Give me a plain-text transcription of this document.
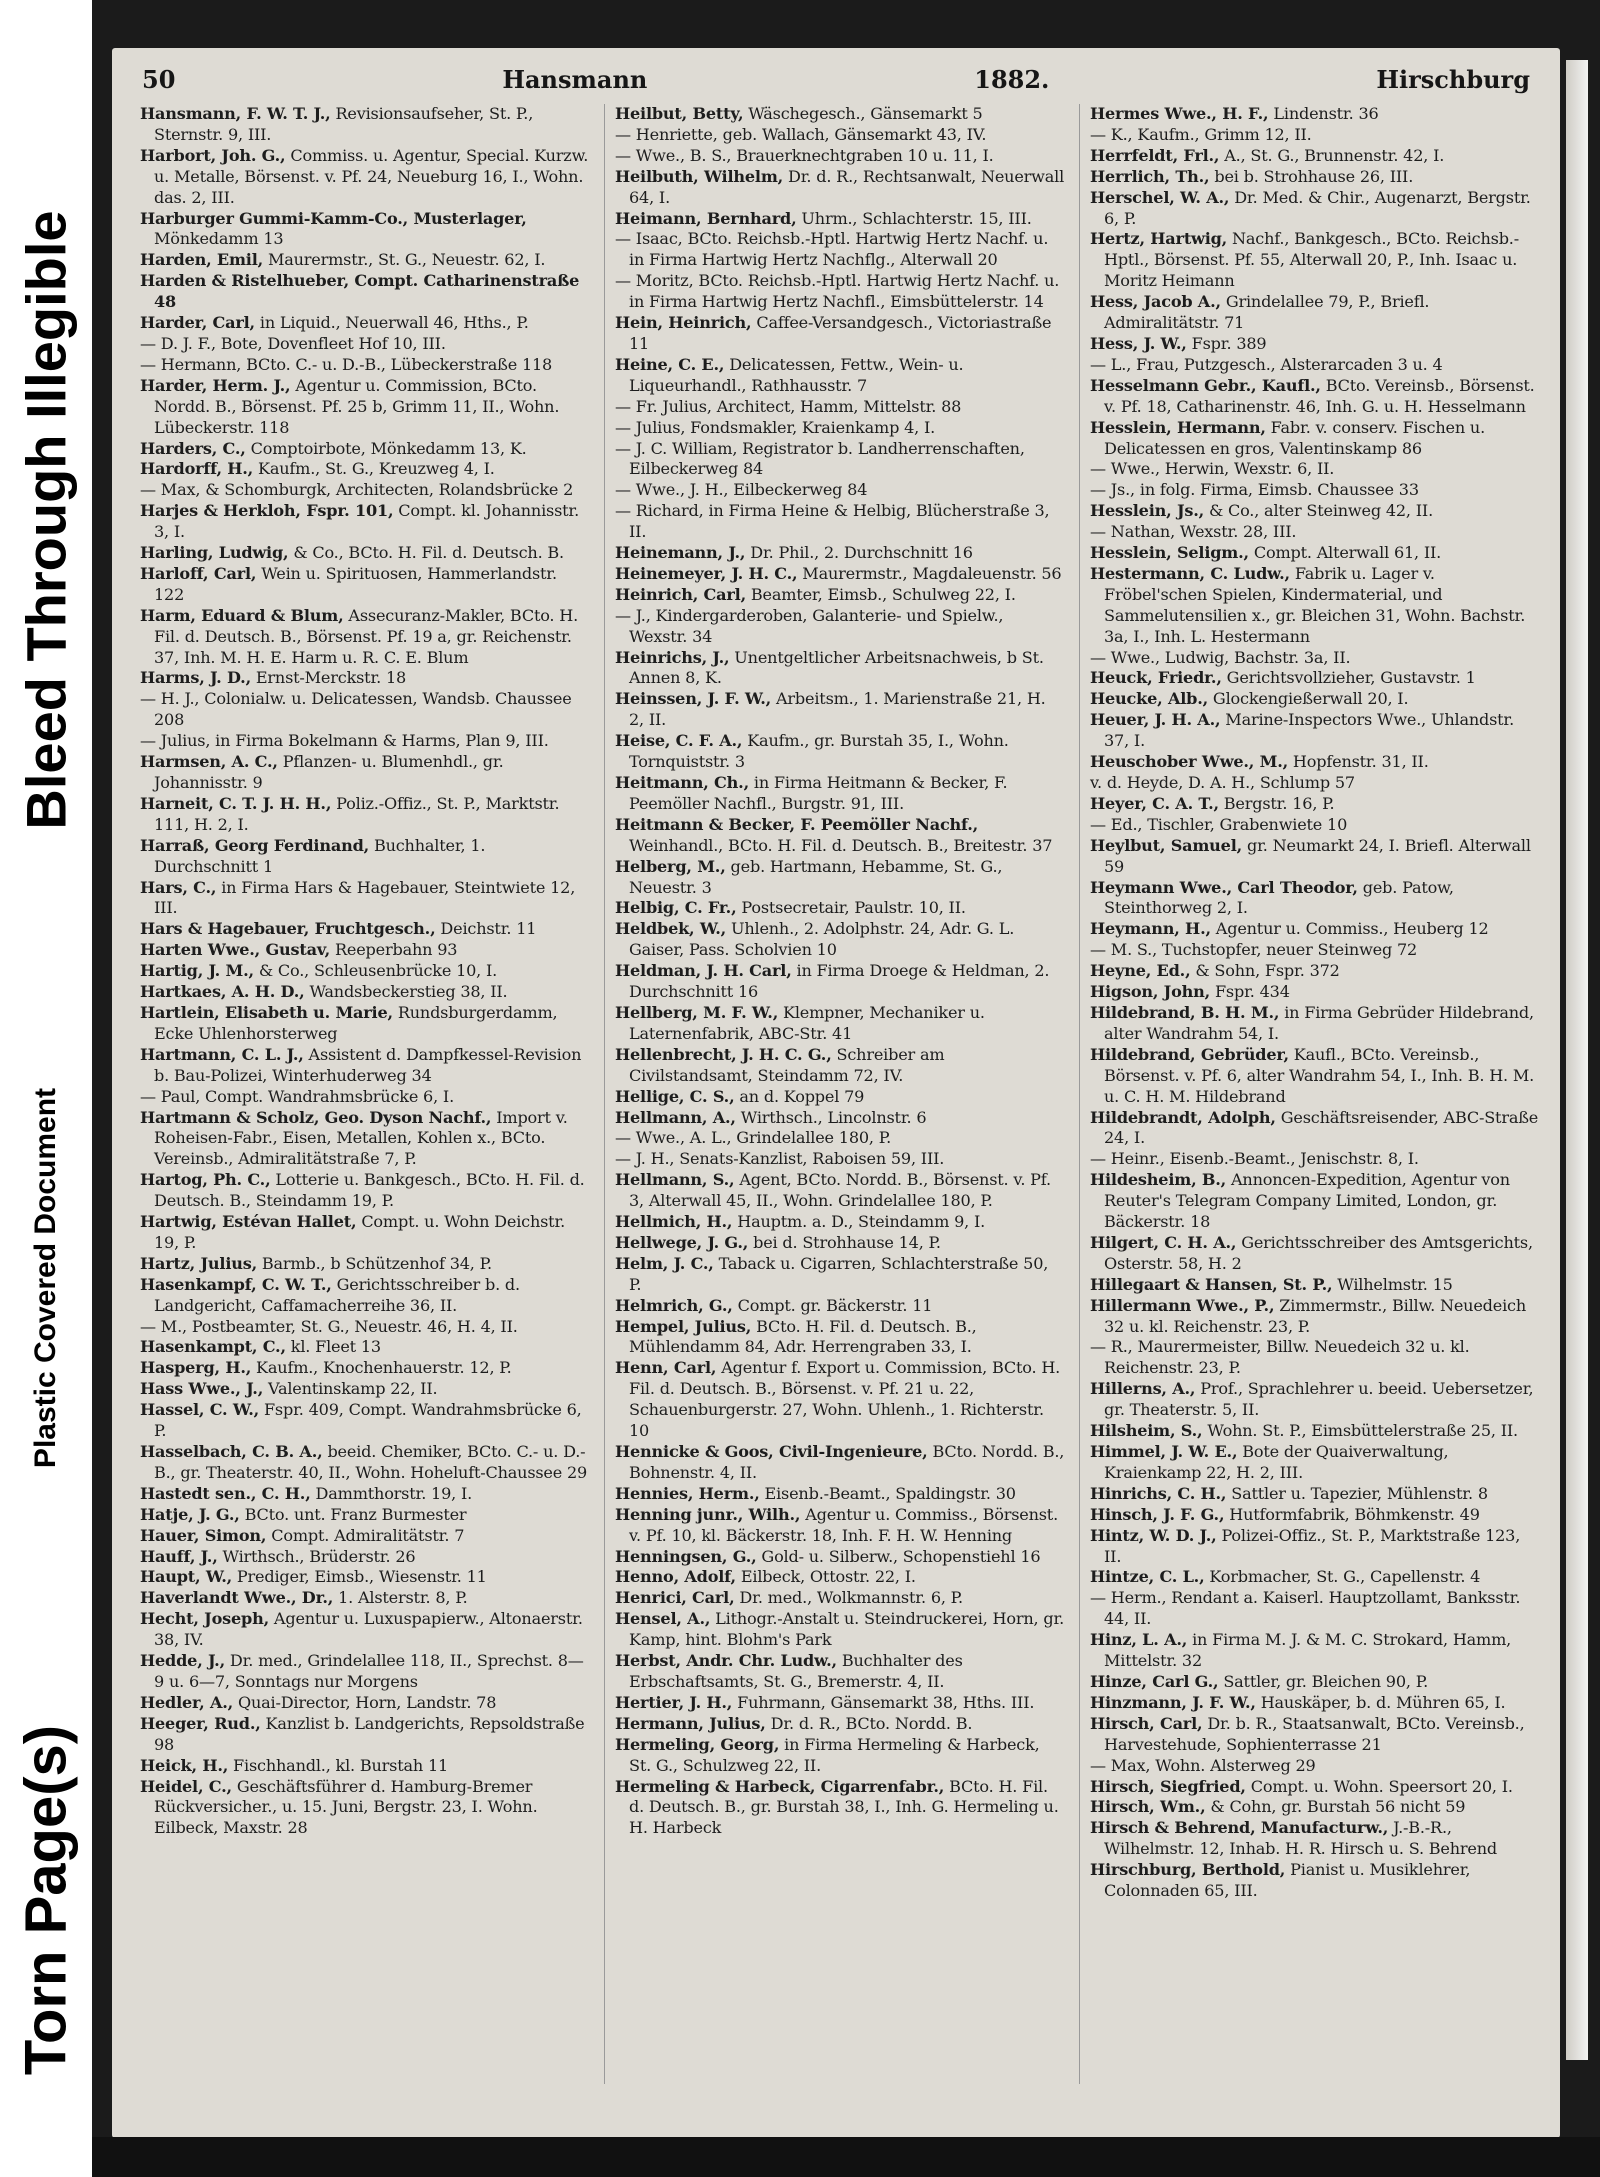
Bleed Through Illegible
Plastic Covered Document
Torn Page(s)
50	Hansmann	1882.	Hirschburg
Hansmann, F. W. T. J., Revisionsaufseher, St. P., Sternstr. 9, III.
Harbort, Joh. G., Commiss. u. Agentur, Special. Kurzw. u. Metalle, Börsenst. v. Pf. 24, Neueburg 16, I., Wohn. das. 2, III.
Harburger Gummi-Kamm-Co., Musterlager, Mönkedamm 13
Harden, Emil, Maurermstr., St. G., Neuestr. 62, I.
Harden & Ristelhueber, Compt. Catharinenstraße 48
Harder, Carl, in Liquid., Neuerwall 46, Hths., P.
— D. J. F., Bote, Dovenfleet Hof 10, III.
— Hermann, BCto. C.- u. D.-B., Lübeckerstraße 118
Harder, Herm. J., Agentur u. Commission, BCto. Nordd. B., Börsenst. Pf. 25 b, Grimm 11, II., Wohn. Lübeckerstr. 118
Harders, C., Comptoirbote, Mönkedamm 13, K.
Hardorff, H., Kaufm., St. G., Kreuzweg 4, I.
— Max, & Schomburgk, Architecten, Rolandsbrücke 2
Harjes & Herkloh, Fspr. 101, Compt. kl. Johannisstr. 3, I.
Harling, Ludwig, & Co., BCto. H. Fil. d. Deutsch. B.
Harloff, Carl, Wein u. Spirituosen, Hammerlandstr. 122
Harm, Eduard & Blum, Assecuranz-Makler, BCto. H. Fil. d. Deutsch. B., Börsenst. Pf. 19 a, gr. Reichenstr. 37, Inh. M. H. E. Harm u. R. C. E. Blum
Harms, J. D., Ernst-Merckstr. 18
— H. J., Colonialw. u. Delicatessen, Wandsb. Chaussee 208
— Julius, in Firma Bokelmann & Harms, Plan 9, III.
Harmsen, A. C., Pflanzen- u. Blumenhdl., gr. Johannisstr. 9
Harneit, C. T. J. H. H., Poliz.-Offiz., St. P., Marktstr. 111, H. 2, I.
Harraß, Georg Ferdinand, Buchhalter, 1. Durchschnitt 1
Hars, C., in Firma Hars & Hagebauer, Steintwiete 12, III.
Hars & Hagebauer, Fruchtgesch., Deichstr. 11
Harten Wwe., Gustav, Reeperbahn 93
Hartig, J. M., & Co., Schleusenbrücke 10, I.
Hartkaes, A. H. D., Wandsbeckerstieg 38, II.
Hartlein, Elisabeth u. Marie, Rundsburgerdamm, Ecke Uhlenhorsterweg
Hartmann, C. L. J., Assistent d. Dampfkessel-Revision b. Bau-Polizei, Winterhuderweg 34
— Paul, Compt. Wandrahmsbrücke 6, I.
Hartmann & Scholz, Geo. Dyson Nachf., Import v. Roheisen-Fabr., Eisen, Metallen, Kohlen x., BCto. Vereinsb., Admiralitätstraße 7, P.
Hartog, Ph. C., Lotterie u. Bankgesch., BCto. H. Fil. d. Deutsch. B., Steindamm 19, P.
Hartwig, Estévan Hallet, Compt. u. Wohn Deichstr. 19, P.
Hartz, Julius, Barmb., b Schützenhof 34, P.
Hasenkampf, C. W. T., Gerichtsschreiber b. d. Landgericht, Caffamacherreihe 36, II.
— M., Postbeamter, St. G., Neuestr. 46, H. 4, II.
Hasenkampt, C., kl. Fleet 13
Hasperg, H., Kaufm., Knochenhauerstr. 12, P.
Hass Wwe., J., Valentinskamp 22, II.
Hassel, C. W., Fspr. 409, Compt. Wandrahmsbrücke 6, P.
Hasselbach, C. B. A., beeid. Chemiker, BCto. C.- u. D.-B., gr. Theaterstr. 40, II., Wohn. Hoheluft-Chaussee 29
Hastedt sen., C. H., Dammthorstr. 19, I.
Hatje, J. G., BCto. unt. Franz Burmester
Hauer, Simon, Compt. Admiralitätstr. 7
Hauff, J., Wirthsch., Brüderstr. 26
Haupt, W., Prediger, Eimsb., Wiesenstr. 11
Haverlandt Wwe., Dr., 1. Alsterstr. 8, P.
Hecht, Joseph, Agentur u. Luxuspapierw., Altonaerstr. 38, IV.
Hedde, J., Dr. med., Grindelallee 118, II., Sprechst. 8—9 u. 6—7, Sonntags nur Morgens
Hedler, A., Quai-Director, Horn, Landstr. 78
Heeger, Rud., Kanzlist b. Landgerichts, Repsoldstraße 98
Heick, H., Fischhandl., kl. Burstah 11
Heidel, C., Geschäftsführer d. Hamburg-Bremer Rückversicher., u. 15. Juni, Bergstr. 23, I. Wohn. Eilbeck, Maxstr. 28
Heilbut, Betty, Wäschegesch., Gänsemarkt 5
— Henriette, geb. Wallach, Gänsemarkt 43, IV.
— Wwe., B. S., Brauerknechtgraben 10 u. 11, I.
Heilbuth, Wilhelm, Dr. d. R., Rechtsanwalt, Neuerwall 64, I.
Heimann, Bernhard, Uhrm., Schlachterstr. 15, III.
— Isaac, BCto. Reichsb.-Hptl. Hartwig Hertz Nachf. u. in Firma Hartwig Hertz Nachflg., Alterwall 20
— Moritz, BCto. Reichsb.-Hptl. Hartwig Hertz Nachf. u. in Firma Hartwig Hertz Nachfl., Eimsbüttelerstr. 14
Hein, Heinrich, Caffee-Versandgesch., Victoriastraße 11
Heine, C. E., Delicatessen, Fettw., Wein- u. Liqueurhandl., Rathhausstr. 7
— Fr. Julius, Architect, Hamm, Mittelstr. 88
— Julius, Fondsmakler, Kraienkamp 4, I.
— J. C. William, Registrator b. Landherrenschaften, Eilbeckerweg 84
— Wwe., J. H., Eilbeckerweg 84
— Richard, in Firma Heine & Helbig, Blücherstraße 3, II.
Heinemann, J., Dr. Phil., 2. Durchschnitt 16
Heinemeyer, J. H. C., Maurermstr., Magdaleuenstr. 56
Heinrich, Carl, Beamter, Eimsb., Schulweg 22, I.
— J., Kindergarderoben, Galanterie- und Spielw., Wexstr. 34
Heinrichs, J., Unentgeltlicher Arbeitsnachweis, b St. Annen 8, K.
Heinssen, J. F. W., Arbeitsm., 1. Marienstraße 21, H. 2, II.
Heise, C. F. A., Kaufm., gr. Burstah 35, I., Wohn. Tornquiststr. 3
Heitmann, Ch., in Firma Heitmann & Becker, F. Peemöller Nachfl., Burgstr. 91, III.
Heitmann & Becker, F. Peemöller Nachf., Weinhandl., BCto. H. Fil. d. Deutsch. B., Breitestr. 37
Helberg, M., geb. Hartmann, Hebamme, St. G., Neuestr. 3
Helbig, C. Fr., Postsecretair, Paulstr. 10, II.
Heldbek, W., Uhlenh., 2. Adolphstr. 24, Adr. G. L. Gaiser, Pass. Scholvien 10
Heldman, J. H. Carl, in Firma Droege & Heldman, 2. Durchschnitt 16
Hellberg, M. F. W., Klempner, Mechaniker u. Laternenfabrik, ABC-Str. 41
Hellenbrecht, J. H. C. G., Schreiber am Civilstandsamt, Steindamm 72, IV.
Hellige, C. S., an d. Koppel 79
Hellmann, A., Wirthsch., Lincolnstr. 6
— Wwe., A. L., Grindelallee 180, P.
— J. H., Senats-Kanzlist, Raboisen 59, III.
Hellmann, S., Agent, BCto. Nordd. B., Börsenst. v. Pf. 3, Alterwall 45, II., Wohn. Grindelallee 180, P.
Hellmich, H., Hauptm. a. D., Steindamm 9, I.
Hellwege, J. G., bei d. Strohhause 14, P.
Helm, J. C., Taback u. Cigarren, Schlachterstraße 50, P.
Helmrich, G., Compt. gr. Bäckerstr. 11
Hempel, Julius, BCto. H. Fil. d. Deutsch. B., Mühlendamm 84, Adr. Herrengraben 33, I.
Henn, Carl, Agentur f. Export u. Commission, BCto. H. Fil. d. Deutsch. B., Börsenst. v. Pf. 21 u. 22, Schauenburgerstr. 27, Wohn. Uhlenh., 1. Richterstr. 10
Hennicke & Goos, Civil-Ingenieure, BCto. Nordd. B., Bohnenstr. 4, II.
Hennies, Herm., Eisenb.-Beamt., Spaldingstr. 30
Henning junr., Wilh., Agentur u. Commiss., Börsenst. v. Pf. 10, kl. Bäckerstr. 18, Inh. F. H. W. Henning
Henningsen, G., Gold- u. Silberw., Schopenstiehl 16
Henno, Adolf, Eilbeck, Ottostr. 22, I.
Henrici, Carl, Dr. med., Wolkmannstr. 6, P.
Hensel, A., Lithogr.-Anstalt u. Steindruckerei, Horn, gr. Kamp, hint. Blohm's Park
Herbst, Andr. Chr. Ludw., Buchhalter des Erbschaftsamts, St. G., Bremerstr. 4, II.
Hertier, J. H., Fuhrmann, Gänsemarkt 38, Hths. III.
Hermann, Julius, Dr. d. R., BCto. Nordd. B.
Hermeling, Georg, in Firma Hermeling & Harbeck, St. G., Schulzweg 22, II.
Hermeling & Harbeck, Cigarrenfabr., BCto. H. Fil. d. Deutsch. B., gr. Burstah 38, I., Inh. G. Hermeling u. H. Harbeck
Hermes Wwe., H. F., Lindenstr. 36
— K., Kaufm., Grimm 12, II.
Herrfeldt, Frl., A., St. G., Brunnenstr. 42, I.
Herrlich, Th., bei b. Strohhause 26, III.
Herschel, W. A., Dr. Med. & Chir., Augenarzt, Bergstr. 6, P.
Hertz, Hartwig, Nachf., Bankgesch., BCto. Reichsb.-Hptl., Börsenst. Pf. 55, Alterwall 20, P., Inh. Isaac u. Moritz Heimann
Hess, Jacob A., Grindelallee 79, P., Briefl. Admiralitätstr. 71
Hess, J. W., Fspr. 389
— L., Frau, Putzgesch., Alsterarcaden 3 u. 4
Hesselmann Gebr., Kaufl., BCto. Vereinsb., Börsenst. v. Pf. 18, Catharinenstr. 46, Inh. G. u. H. Hesselmann
Hesslein, Hermann, Fabr. v. conserv. Fischen u. Delicatessen en gros, Valentinskamp 86
— Wwe., Herwin, Wexstr. 6, II.
— Js., in folg. Firma, Eimsb. Chaussee 33
Hesslein, Js., & Co., alter Steinweg 42, II.
— Nathan, Wexstr. 28, III.
Hesslein, Seligm., Compt. Alterwall 61, II.
Hestermann, C. Ludw., Fabrik u. Lager v. Fröbel'schen Spielen, Kindermaterial, und Sammelutensilien x., gr. Bleichen 31, Wohn. Bachstr. 3a, I., Inh. L. Hestermann
— Wwe., Ludwig, Bachstr. 3a, II.
Heuck, Friedr., Gerichtsvollzieher, Gustavstr. 1
Heucke, Alb., Glockengießerwall 20, I.
Heuer, J. H. A., Marine-Inspectors Wwe., Uhlandstr. 37, I.
Heuschober Wwe., M., Hopfenstr. 31, II.
v. d. Heyde, D. A. H., Schlump 57
Heyer, C. A. T., Bergstr. 16, P.
— Ed., Tischler, Grabenwiete 10
Heylbut, Samuel, gr. Neumarkt 24, I. Briefl. Alterwall 59
Heymann Wwe., Carl Theodor, geb. Patow, Steinthorweg 2, I.
Heymann, H., Agentur u. Commiss., Heuberg 12
— M. S., Tuchstopfer, neuer Steinweg 72
Heyne, Ed., & Sohn, Fspr. 372
Higson, John, Fspr. 434
Hildebrand, B. H. M., in Firma Gebrüder Hildebrand, alter Wandrahm 54, I.
Hildebrand, Gebrüder, Kaufl., BCto. Vereinsb., Börsenst. v. Pf. 6, alter Wandrahm 54, I., Inh. B. H. M. u. C. H. M. Hildebrand
Hildebrandt, Adolph, Geschäftsreisender, ABC-Straße 24, I.
— Heinr., Eisenb.-Beamt., Jenischstr. 8, I.
Hildesheim, B., Annoncen-Expedition, Agentur von Reuter's Telegram Company Limited, London, gr. Bäckerstr. 18
Hilgert, C. H. A., Gerichtsschreiber des Amtsgerichts, Osterstr. 58, H. 2
Hillegaart & Hansen, St. P., Wilhelmstr. 15
Hillermann Wwe., P., Zimmermstr., Billw. Neuedeich 32 u. kl. Reichenstr. 23, P.
— R., Maurermeister, Billw. Neuedeich 32 u. kl. Reichenstr. 23, P.
Hillerns, A., Prof., Sprachlehrer u. beeid. Uebersetzer, gr. Theaterstr. 5, II.
Hilsheim, S., Wohn. St. P., Eimsbüttelerstraße 25, II.
Himmel, J. W. E., Bote der Quaiverwaltung, Kraienkamp 22, H. 2, III.
Hinrichs, C. H., Sattler u. Tapezier, Mühlenstr. 8
Hinsch, J. F. G., Hutformfabrik, Böhmkenstr. 49
Hintz, W. D. J., Polizei-Offiz., St. P., Marktstraße 123, II.
Hintze, C. L., Korbmacher, St. G., Capellenstr. 4
— Herm., Rendant a. Kaiserl. Hauptzollamt, Banksstr. 44, II.
Hinz, L. A., in Firma M. J. & M. C. Strokard, Hamm, Mittelstr. 32
Hinze, Carl G., Sattler, gr. Bleichen 90, P.
Hinzmann, J. F. W., Hauskäper, b. d. Mühren 65, I.
Hirsch, Carl, Dr. b. R., Staatsanwalt, BCto. Vereinsb., Harvestehude, Sophienterrasse 21
— Max, Wohn. Alsterweg 29
Hirsch, Siegfried, Compt. u. Wohn. Speersort 20, I.
Hirsch, Wm., & Cohn, gr. Burstah 56 nicht 59
Hirsch & Behrend, Manufacturw., J.-B.-R., Wilhelmstr. 12, Inhab. H. R. Hirsch u. S. Behrend
Hirschburg, Berthold, Pianist u. Musiklehrer, Colonnaden 65, III.
